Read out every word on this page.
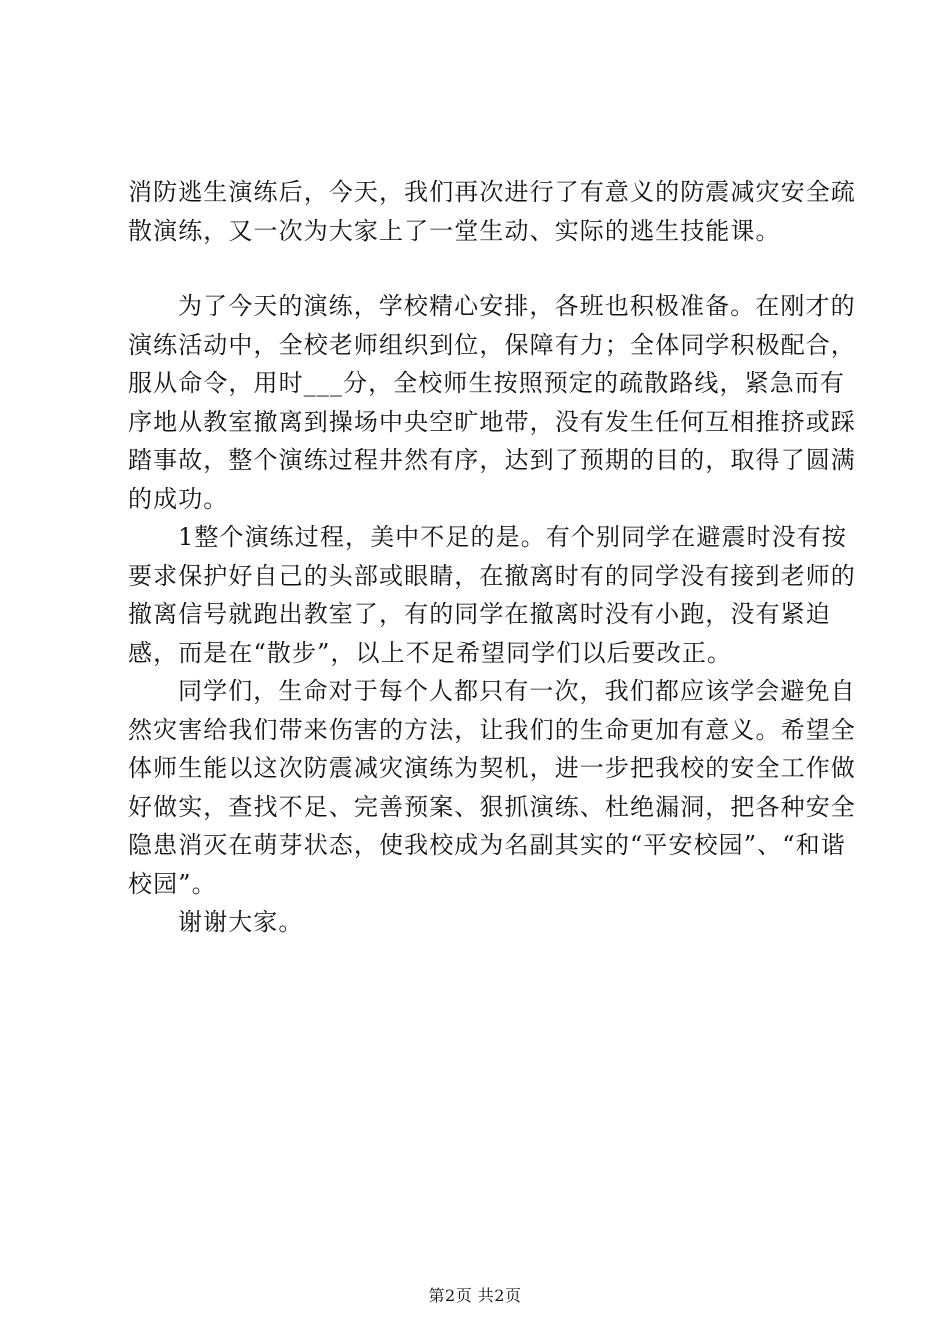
消防逃生演练后，今天，我们再次进行了有意义的防震减灾安全疏散演练，又一次为大家上了一堂生动、实际的逃生技能课。

为了今天的演练，学校精心安排，各班也积极准备。在刚才的演练活动中，全校老师组织到位，保障有力；全体同学积极配合，服从命令，用时___分，全校师生按照预定的疏散路线，紧急而有序地从教室撤离到操场中央空旷地带，没有发生任何互相推挤或踩踏事故，整个演练过程井然有序，达到了预期的目的，取得了圆满的成功。

1整个演练过程，美中不足的是。有个别同学在避震时没有按要求保护好自己的头部或眼睛，在撤离时有的同学没有接到老师的撤离信号就跑出教室了，有的同学在撤离时没有小跑，没有紧迫感，而是在“散步”，以上不足希望同学们以后要改正。

同学们，生命对于每个人都只有一次，我们都应该学会避免自然灾害给我们带来伤害的方法，让我们的生命更加有意义。希望全体师生能以这次防震减灾演练为契机，进一步把我校的安全工作做好做实，查找不足、完善预案、狠抓演练、杜绝漏洞，把各种安全隐患消灭在萌芽状态，使我校成为名副其实的“平安校园”、“和谐校园”。

谢谢大家。

第2页 共2页
